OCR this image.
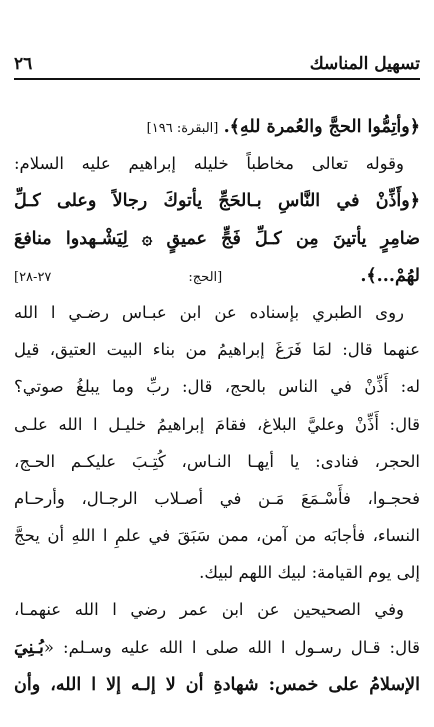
٢٦	تسهيل المناسك
﴿وأتِمُّوا الحجَّ والعُمرة للهِ﴾. [البقرة: ١٩٦]
وقوله تعالى مخاطباً خليله إبراهيم عليه السلام:
﴿وأَذِّنْ في النَّاسِ بـالحَجِّ يأتوكَ رجالاً وعلى كـلِّ
ضامِرٍ يأتينَ مِن كـلِّ فَجٍّ عميقٍ ۞ لِيَشْـهدوا منافعَ
لهُمْ...﴾. [الحج: ٢٧-٢٨]
روى الطبري بإسناده عن ابن عبـاس رضـي ا الله
عنهما قال: لمَا فَرَغَ إبراهيمُ من بناء البيت العتيق، قيل
له: أَذِّنْ في الناس بالحج، قال: ربِّ وما يبلغُ صوتي؟
قال: أَذِّنْ وعليَّ البلاغ، فقامَ إبراهيمُ خليـل ا الله علـى
الحجر، فنادى: يا أيهـا النـاس، كُتِـبَ عليكـم الحـج،
فحجـوا، فأَسْـمَعَ مَـن في أصـلاب الرجـال، وأرحـام
النساء، فأجابَه من آمن، ممن سَبَقَ في علمِ ا اللهِ أن يحجَّ
إلى يوم القيامة: لبيك اللهم لبيك.
وفي الصحيحين عن ابن عمر رضي ا الله عنهمـا،
قال: قـال رسـول ا الله صلى ا الله عليه وسـلم: «بُـنِيَ
الإسلامُ على خمس: شهادةِ أن لا إلـه إلا ا الله، وأن
